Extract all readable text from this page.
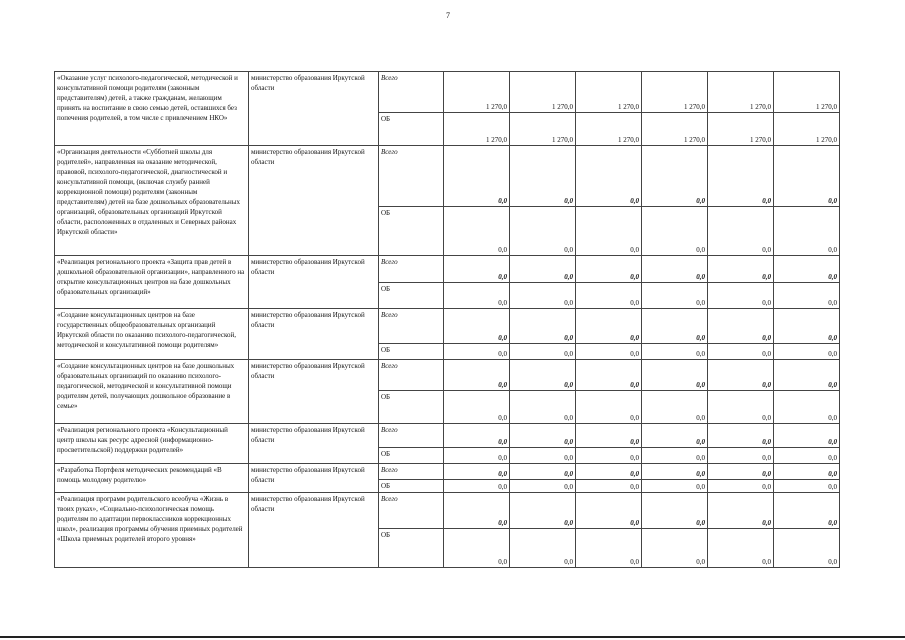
7
«Оказание услуг психолого-педагогической, методической и консультативной помощи родителям (законным представителям) детей, а также гражданам, желающим принять на воспитание в свою семью детей, оставшихся без попечения родителей, в том числе с привлечением НКО»	министерство образования Иркутской области	Всего	1 270,0	1 270,0	1 270,0	1 270,0	1 270,0	1 270,0
		ОБ	1 270,0	1 270,0	1 270,0	1 270,0	1 270,0	1 270,0
«Организация деятельности «Субботней школы для родителей», направленная на оказание методической, правовой, психолого-педагогической, диагностической и консультативной помощи, (включая службу ранней коррекционной помощи) родителям (законным представителям) детей на базе дошкольных образовательных организаций, образовательных организаций Иркутской области, расположенных в отдаленных и Северных районах Иркутской области»	министерство образования Иркутской области	Всего	0,0	0,0	0,0	0,0	0,0	0,0
		ОБ	0,0	0,0	0,0	0,0	0,0	0,0
«Реализация регионального проекта «Защита прав детей в дошкольной образовательной организации», направленного на открытие консультационных центров на базе дошкольных образовательных организаций»	министерство образования Иркутской области	Всего	0,0	0,0	0,0	0,0	0,0	0,0
		ОБ	0,0	0,0	0,0	0,0	0,0	0,0
«Создание консультационных центров на базе государственных общеобразовательных организаций Иркутской области по оказанию психолого-педагогической, методической и консультативной помощи родителям»	министерство образования Иркутской области	Всего	0,0	0,0	0,0	0,0	0,0	0,0
		ОБ	0,0	0,0	0,0	0,0	0,0	0,0
«Создание консультационных центров на базе дошкольных образовательных организаций по оказанию психолого-педагогической, методической и консультативной помощи родителям детей, получающих дошкольное образование в семье»	министерство образования Иркутской области	Всего	0,0	0,0	0,0	0,0	0,0	0,0
		ОБ	0,0	0,0	0,0	0,0	0,0	0,0
«Реализация регионального проекта «Консультационный центр школы как ресурс адресной (информационно-просветительской) поддержки родителей»	министерство образования Иркутской области	Всего	0,0	0,0	0,0	0,0	0,0	0,0
		ОБ	0,0	0,0	0,0	0,0	0,0	0,0
«Разработка Портфеля методических рекомендаций «В помощь молодому родителю»	министерство образования Иркутской области	Всего	0,0	0,0	0,0	0,0	0,0	0,0
		ОБ	0,0	0,0	0,0	0,0	0,0	0,0
«Реализация программ родительского всеобуча «Жизнь в твоих руках», «Социально-психологическая помощь родителям по адаптации первоклассников коррекционных школ», реализация программы обучения приемных родителей «Школа приемных родителей второго уровня»	министерство образования Иркутской области	Всего	0,0	0,0	0,0	0,0	0,0	0,0
		ОБ	0,0	0,0	0,0	0,0	0,0	0,0
